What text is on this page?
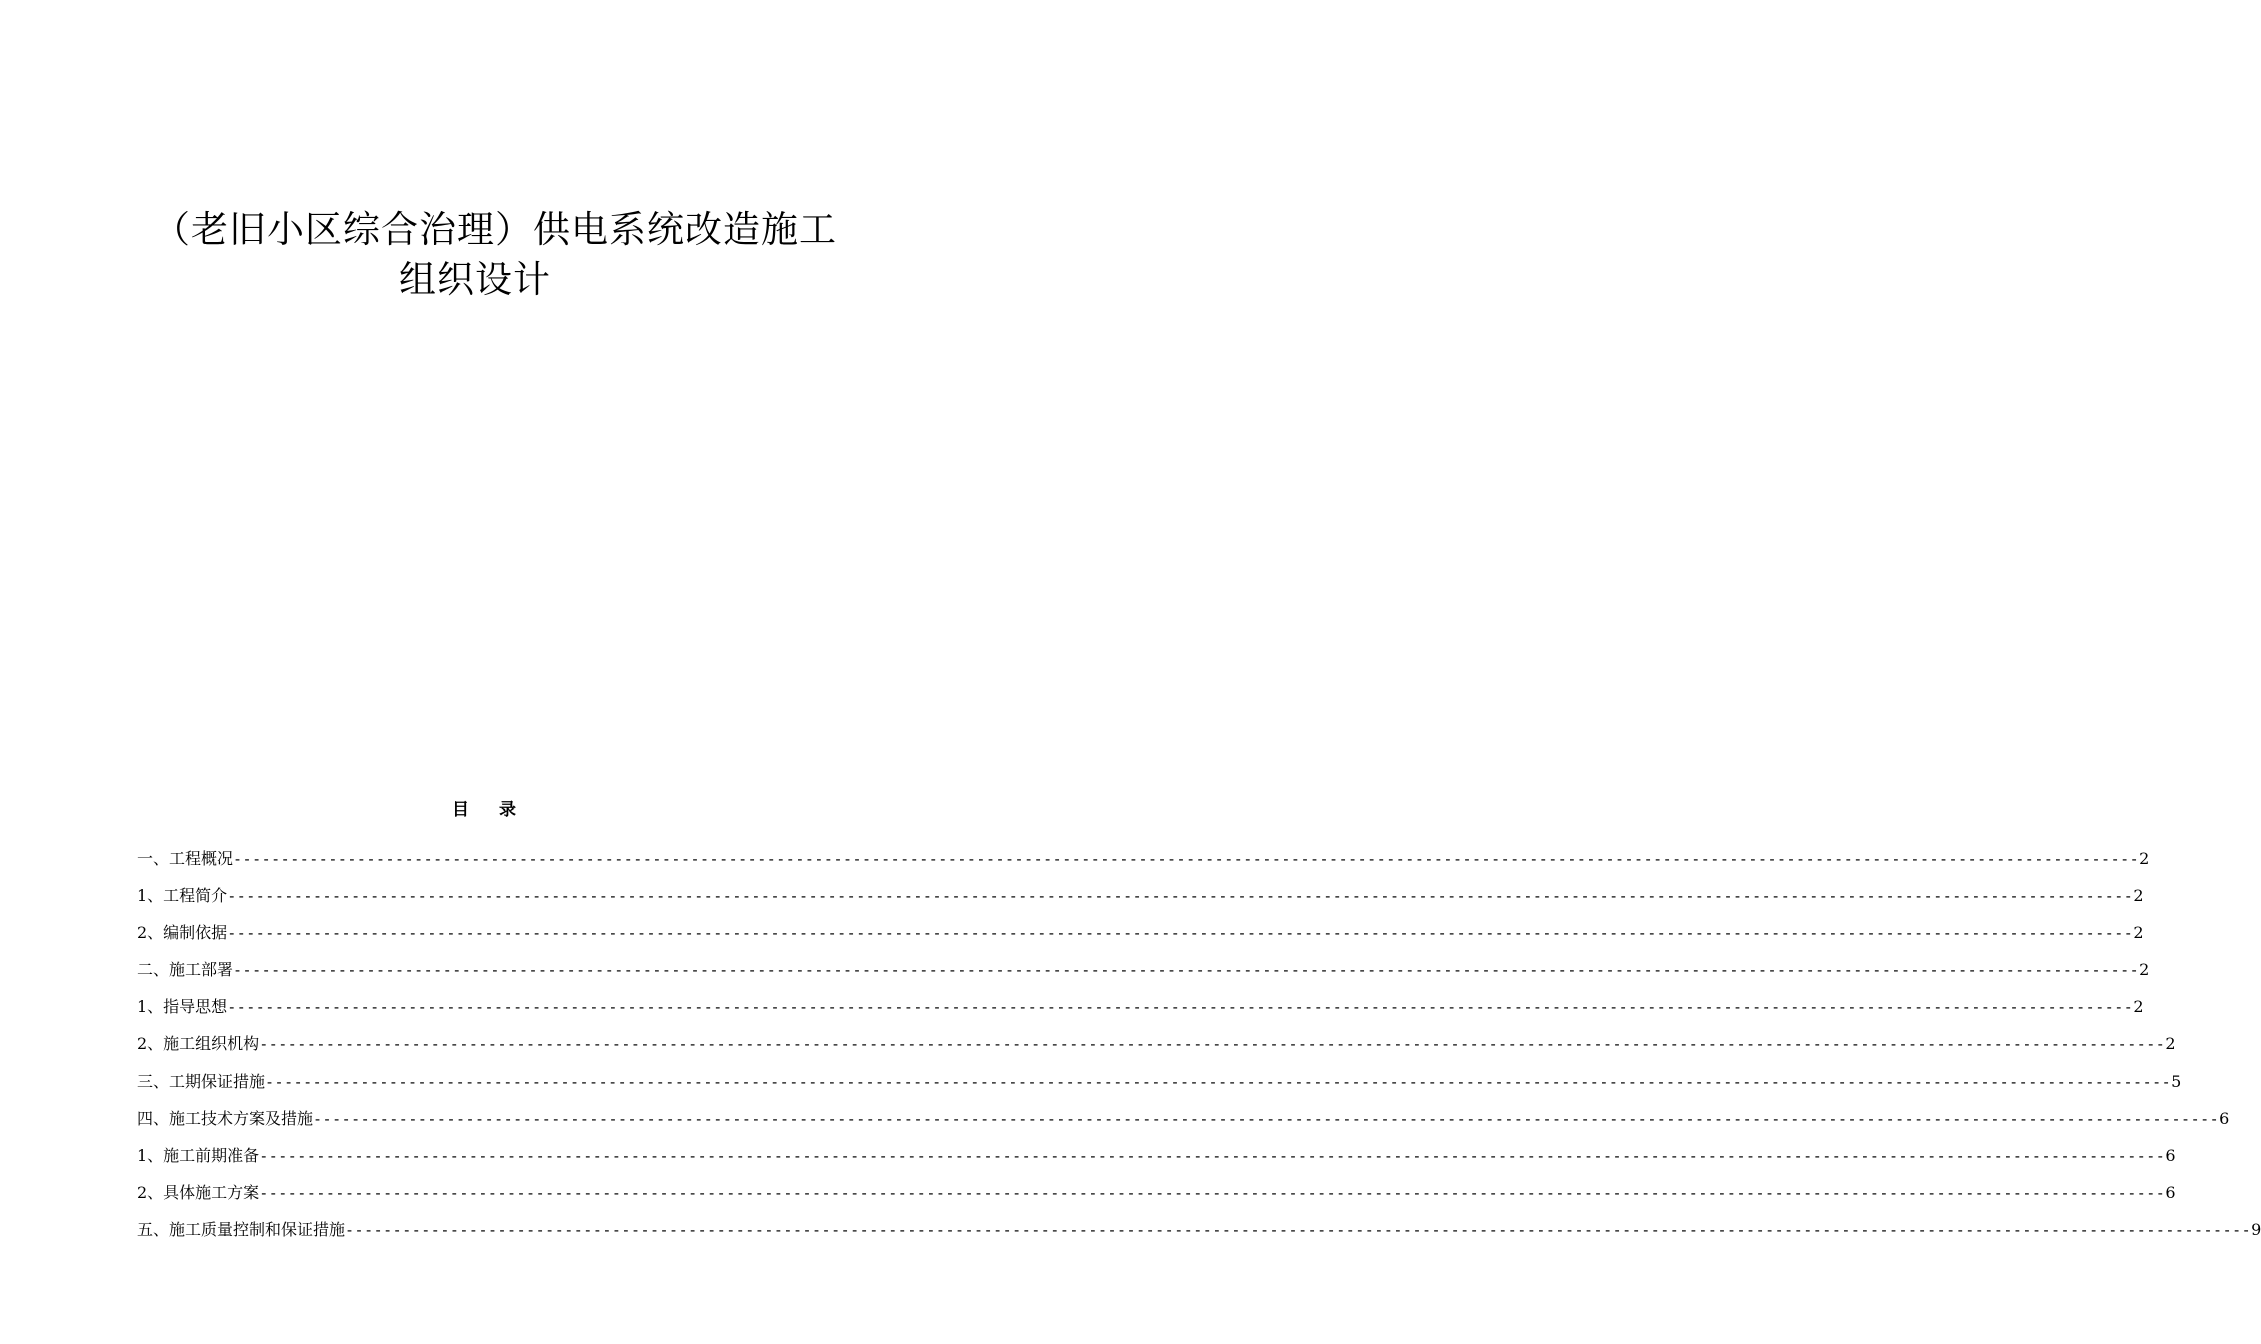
（老旧小区综合治理）供电系统改造施工
组织设计
目录
一、工程概况 -------------------------------------------------------------------------------------------------------------------------------------------------------------------------------------------------------- 2
1、工程简介 -------------------------------------------------------------------------------------------------------------------------------------------------------------------------------------------------------- 2
2、编制依据 -------------------------------------------------------------------------------------------------------------------------------------------------------------------------------------------------------- 2
二、施工部署 -------------------------------------------------------------------------------------------------------------------------------------------------------------------------------------------------------- 2
1、指导思想 -------------------------------------------------------------------------------------------------------------------------------------------------------------------------------------------------------- 2
2、施工组织机构 -------------------------------------------------------------------------------------------------------------------------------------------------------------------------------------------------------- 2
三、工期保证措施 -------------------------------------------------------------------------------------------------------------------------------------------------------------------------------------------------------- 5
四、施工技术方案及措施 -------------------------------------------------------------------------------------------------------------------------------------------------------------------------------------------------------- 6
1、施工前期准备 -------------------------------------------------------------------------------------------------------------------------------------------------------------------------------------------------------- 6
2、具体施工方案 -------------------------------------------------------------------------------------------------------------------------------------------------------------------------------------------------------- 6
五、施工质量控制和保证措施 -------------------------------------------------------------------------------------------------------------------------------------------------------------------------------------------------------- 9
